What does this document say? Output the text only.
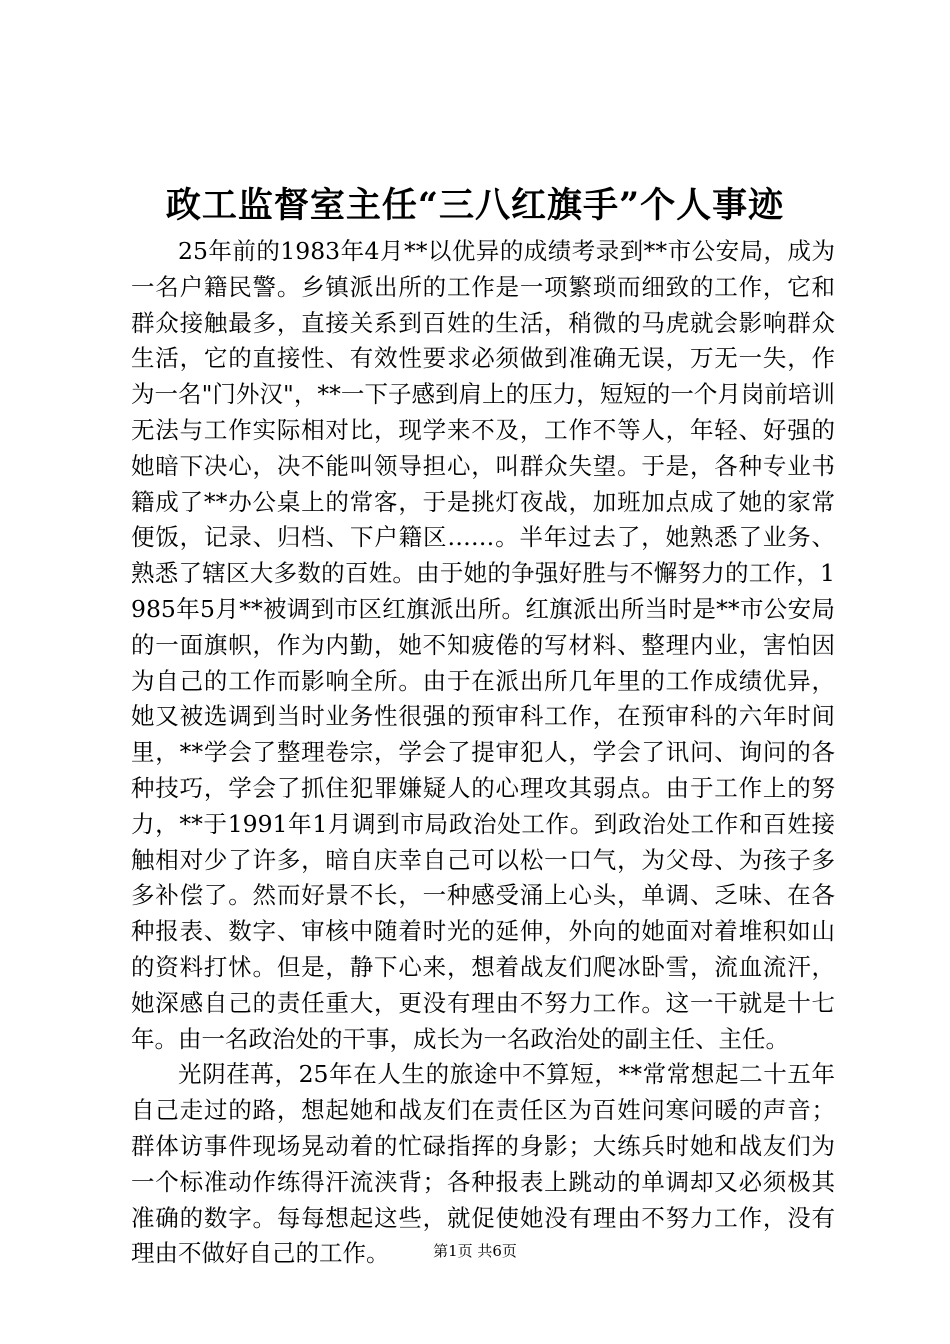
政工监督室主任“三八红旗手”个人事迹

25年前的1983年4月**以优异的成绩考录到**市公安局，成为一名户籍民警。乡镇派出所的工作是一项繁琐而细致的工作，它和群众接触最多，直接关系到百姓的生活，稍微的马虎就会影响群众生活，它的直接性、有效性要求必须做到准确无误，万无一失，作为一名"门外汉"，**一下子感到肩上的压力，短短的一个月岗前培训无法与工作实际相对比，现学来不及，工作不等人，年轻、好强的她暗下决心，决不能叫领导担心，叫群众失望。于是，各种专业书籍成了**办公桌上的常客，于是挑灯夜战，加班加点成了她的家常便饭，记录、归档、下户籍区……。半年过去了，她熟悉了业务、熟悉了辖区大多数的百姓。由于她的争强好胜与不懈努力的工作，1985年5月**被调到市区红旗派出所。红旗派出所当时是**市公安局的一面旗帜，作为内勤，她不知疲倦的写材料、整理内业，害怕因为自己的工作而影响全所。由于在派出所几年里的工作成绩优异，她又被选调到当时业务性很强的预审科工作，在预审科的六年时间里，**学会了整理卷宗，学会了提审犯人，学会了讯问、询问的各种技巧，学会了抓住犯罪嫌疑人的心理攻其弱点。由于工作上的努力，**于1991年1月调到市局政治处工作。到政治处工作和百姓接触相对少了许多，暗自庆幸自己可以松一口气，为父母、为孩子多多补偿了。然而好景不长，一种感受涌上心头，单调、乏味、在各种报表、数字、审核中随着时光的延伸，外向的她面对着堆积如山的资料打怵。但是，静下心来，想着战友们爬冰卧雪，流血流汗，她深感自己的责任重大，更没有理由不努力工作。这一干就是十七年。由一名政治处的干事，成长为一名政治处的副主任、主任。

光阴荏苒，25年在人生的旅途中不算短，**常常想起二十五年自己走过的路，想起她和战友们在责任区为百姓问寒问暖的声音；群体访事件现场晃动着的忙碌指挥的身影；大练兵时她和战友们为一个标准动作练得汗流浃背；各种报表上跳动的单调却又必须极其准确的数字。每每想起这些，就促使她没有理由不努力工作，没有理由不做好自己的工作。	第1页 共6页
